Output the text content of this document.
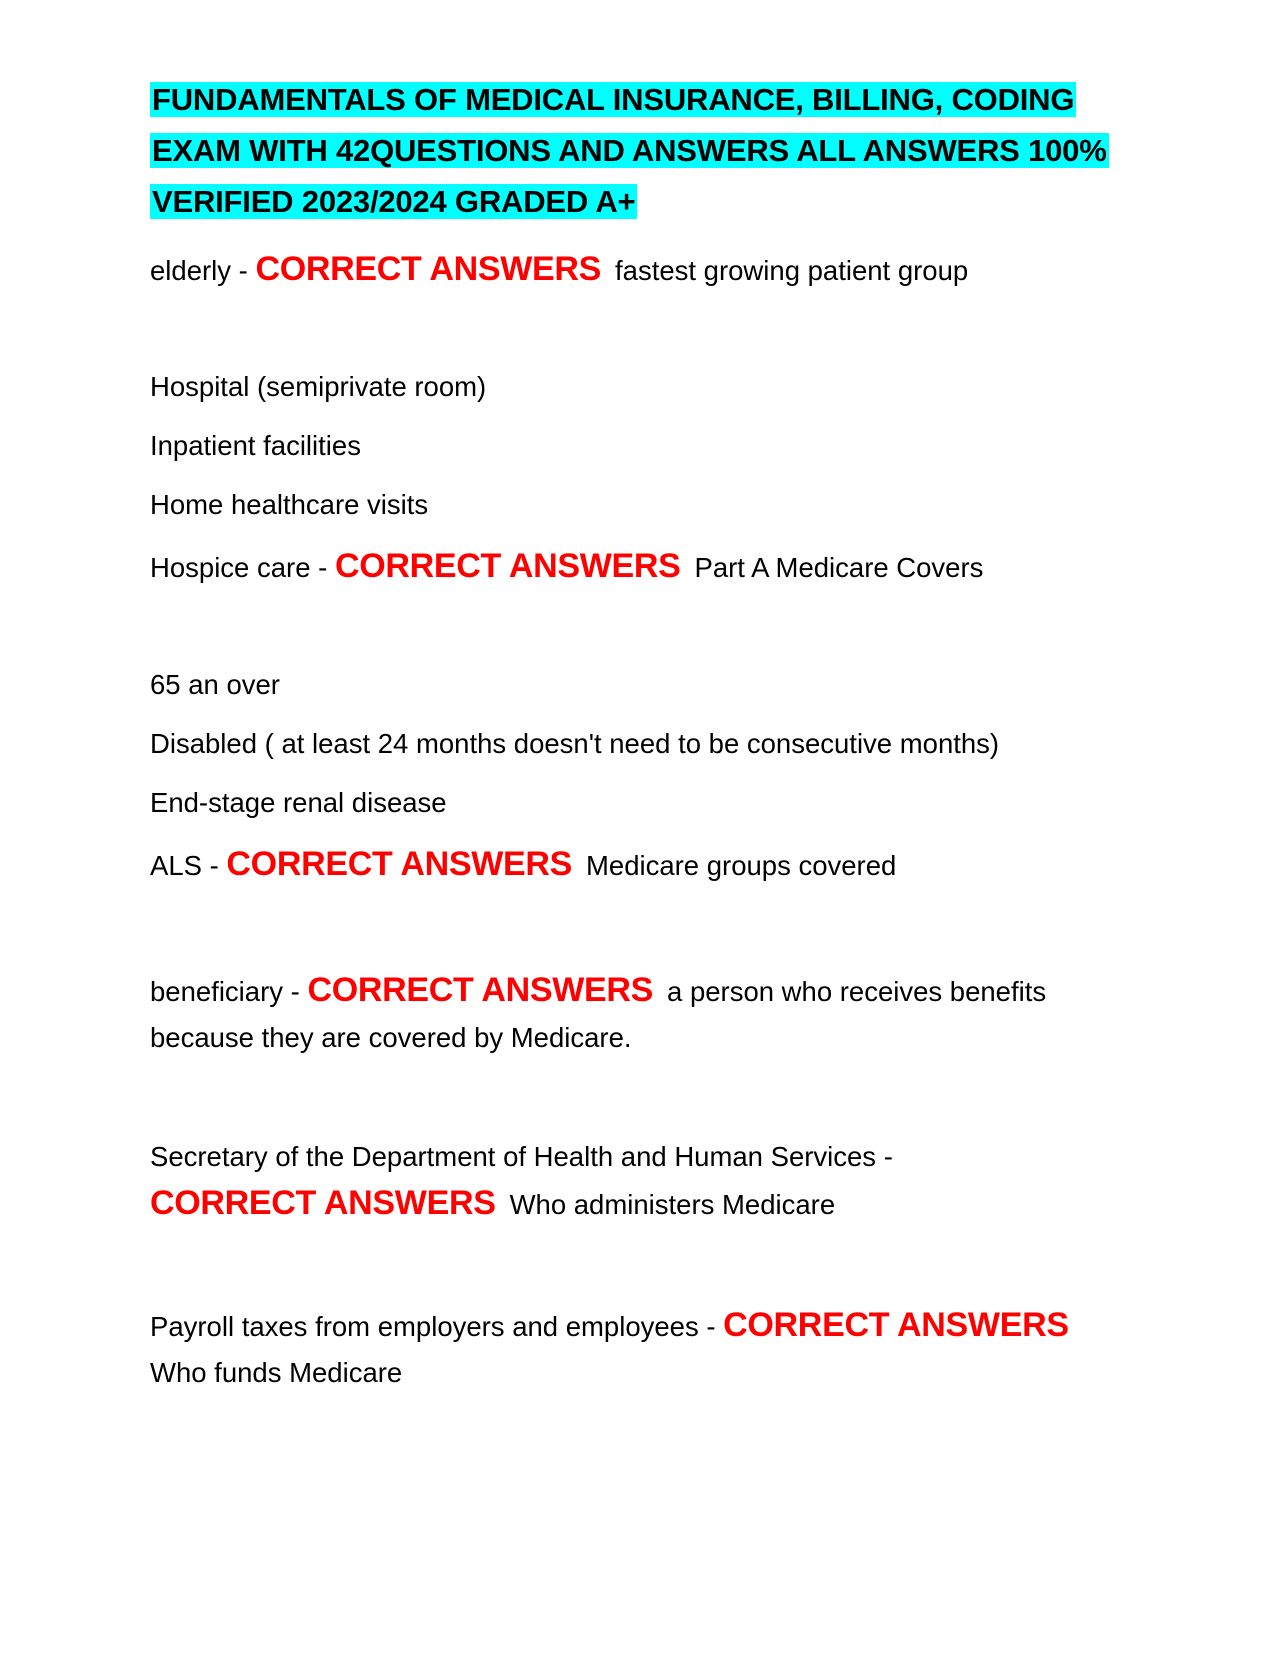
FUNDAMENTALS OF MEDICAL INSURANCE, BILLING, CODING EXAM WITH 42QUESTIONS AND ANSWERS ALL ANSWERS 100% VERIFIED 2023/2024 GRADED A+
elderly - CORRECT ANSWERS fastest growing patient group
Hospital (semiprivate room)
Inpatient facilities
Home healthcare visits
Hospice care - CORRECT ANSWERS Part A Medicare Covers
65 an over
Disabled ( at least 24 months doesn't need to be consecutive months)
End-stage renal disease
ALS - CORRECT ANSWERS Medicare groups covered
beneficiary - CORRECT ANSWERS a person who receives benefits because they are covered by Medicare.
Secretary of the Department of Health and Human Services -
CORRECT ANSWERS Who administers Medicare
Payroll taxes from employers and employees - CORRECT ANSWERS
Who funds Medicare
